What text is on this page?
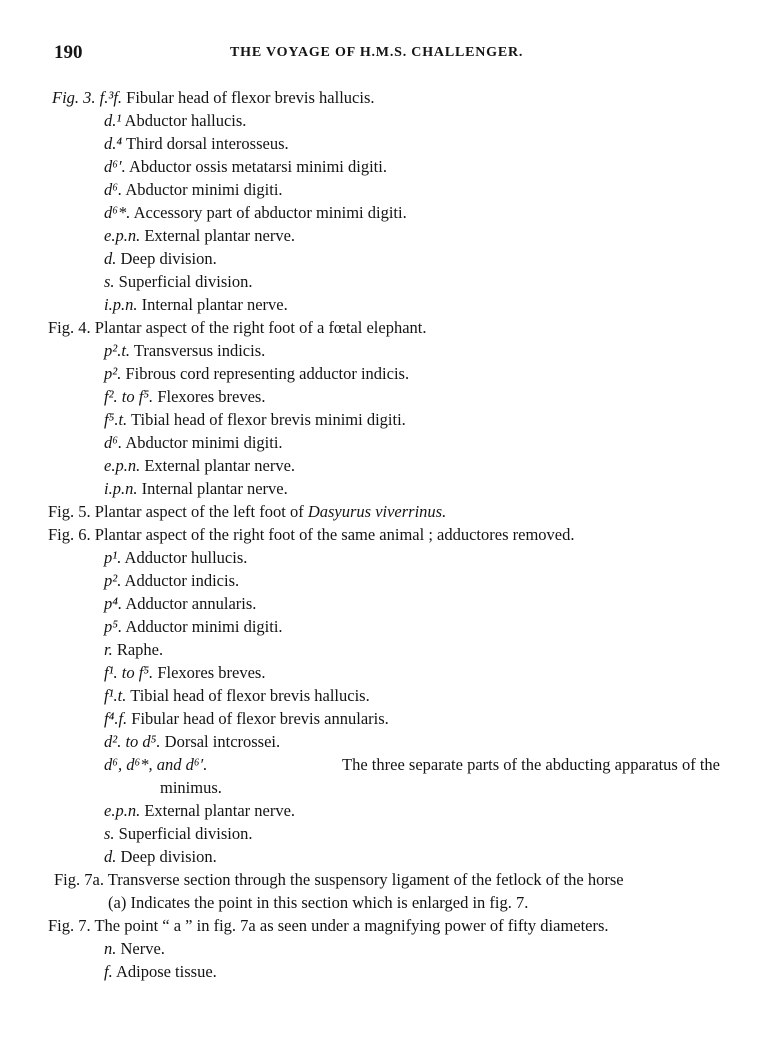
190	THE VOYAGE OF H.M.S. CHALLENGER.
Fig. 3. f.³f. Fibular head of flexor brevis hallucis.
d.¹ Abductor hallucis.
d.⁴ Third dorsal interosseus.
d⁶′. Abductor ossis metatarsi minimi digiti.
d⁶. Abductor minimi digiti.
d⁶*. Accessory part of abductor minimi digiti.
e.p.n. External plantar nerve.
d. Deep division.
s. Superficial division.
i.p.n. Internal plantar nerve.
Fig. 4. Plantar aspect of the right foot of a fœtal elephant.
p².t. Transversus indicis.
p². Fibrous cord representing adductor indicis.
f². to f⁵. Flexores breves.
f⁵.t. Tibial head of flexor brevis minimi digiti.
d⁶. Abductor minimi digiti.
e.p.n. External plantar nerve.
i.p.n. Internal plantar nerve.
Fig. 5. Plantar aspect of the left foot of Dasyurus viverrinus.
Fig. 6. Plantar aspect of the right foot of the same animal ; adductores removed.
p¹. Adductor hullucis.
p². Adductor indicis.
p⁴. Adductor annularis.
p⁵. Adductor minimi digiti.
r. Raphe.
f¹. to f⁵. Flexores breves.
f¹.t. Tibial head of flexor brevis hallucis.
f⁴.f. Fibular head of flexor brevis annularis.
d². to d⁵. Dorsal intcrossei.
d⁶, d⁶*, and d⁶′.	The three separate parts of the abducting apparatus of the
minimus.
e.p.n. External plantar nerve.
s. Superficial division.
d. Deep division.
Fig. 7a. Transverse section through the suspensory ligament of the fetlock of the horse
(a) Indicates the point in this section which is enlarged in fig. 7.
Fig. 7. The point “ a ” in fig. 7a as seen under a magnifying power of fifty diameters.
n. Nerve.
f. Adipose tissue.
